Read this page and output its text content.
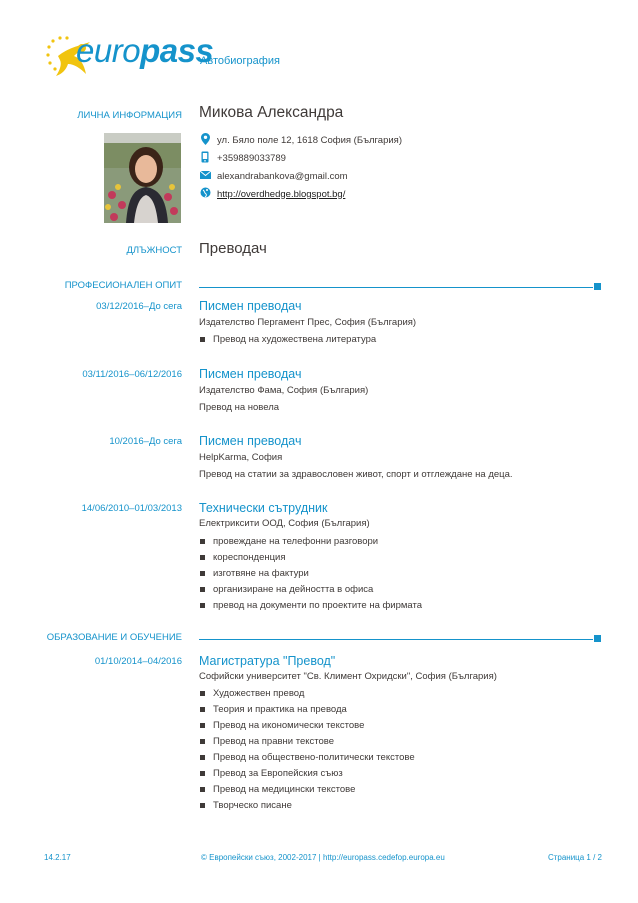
europass
Автобиография
ЛИЧНА ИНФОРМАЦИЯ Микова Александра
ул. Бяло поле 12, 1618 София (България)
+359889033789
alexandrabankova@gmail.com
http://overdhedge.blogspot.bg/
ДЛЪЖНОСТ Преводач
ПРОФЕСИОНАЛЕН ОПИТ
03/12/2016–До сега Писмен преводач
Издателство Пергамент Прес, София (България)
Превод на художествена литература
03/11/2016–06/12/2016 Писмен преводач
Издателство Фама, София (България)
Превод на новела
10/2016–До сега Писмен преводач
HelpKarma, София
Превод на статии за здравословен живот, спорт и отглеждане на деца.
14/06/2010–01/03/2013 Технически сътрудник
Електриксити ООД, София (България)
провеждане на телефонни разговори
кореспонденция
изготвяне на фактури
организиране на дейността в офиса
превод на документи по проектите на фирмата
ОБРАЗОВАНИЕ И ОБУЧЕНИЕ
01/10/2014–04/2016 Магистратура "Превод"
Софийски университет "Св. Климент Охридски", София (България)
Художествен превод
Теория и практика на превода
Превод на икономически текстове
Превод на правни текстове
Превод на обществено-политически текстове
Превод за Европейския съюз
Превод на медицински текстове
Творческо писане
14.2.17	© Европейски съюз, 2002-2017 | http://europass.cedefop.europa.eu	Страница 1 / 2
